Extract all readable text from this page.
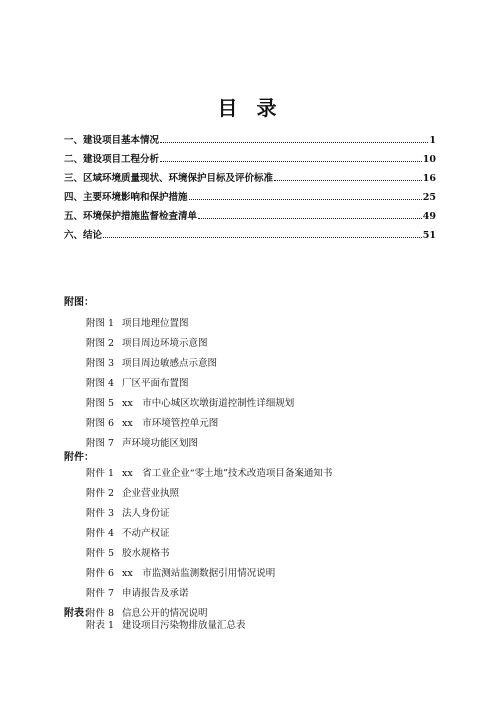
目 录
一、建设项目基本情况	1
二、建设项目工程分析	10
三、区域环境质量现状、环境保护目标及评价标准	16
四、主要环境影响和保护措施	25
五、环境保护措施监督检查清单	49
六、结论	51
附图：
附图 1 项目地理位置图
附图 2 项目周边环境示意图
附图 3 项目周边敏感点示意图
附图 4 厂区平面布置图
附图 5 xx　市中心城区坎墩街道控制性详细规划
附图 6 xx　市环境管控单元图
附图 7 声环境功能区划图
附件：
附件 1 xx　省工业企业“零土地”技术改造项目备案通知书
附件 2 企业营业执照
附件 3 法人身份证
附件 4 不动产权证
附件 5 胶水规格书
附件 6 xx　市监测站监测数据引用情况说明
附件 7 申请报告及承诺
附件 8 信息公开的情况说明
附表：
附表 1 建设项目污染物排放量汇总表
